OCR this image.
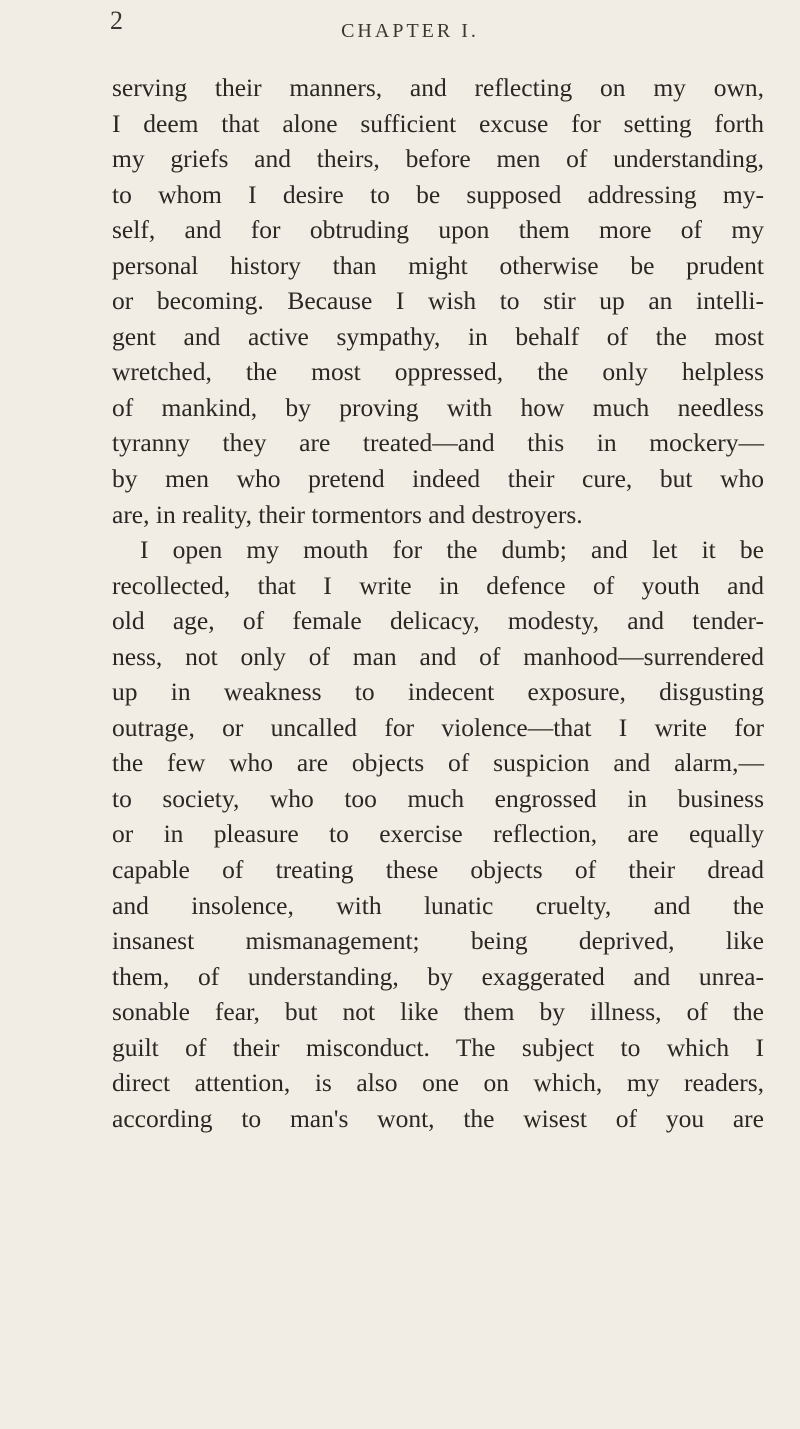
2	CHAPTER I.
serving their manners, and reflecting on my own,
I deem that alone sufficient excuse for setting forth
my griefs and theirs, before men of understanding,
to whom I desire to be supposed addressing my-
self, and for obtruding upon them more of my
personal history than might otherwise be prudent
or becoming. Because I wish to stir up an intelli-
gent and active sympathy, in behalf of the most
wretched, the most oppressed, the only helpless
of mankind, by proving with how much needless
tyranny they are treated—and this in mockery—
by men who pretend indeed their cure, but who
are, in reality, their tormentors and destroyers.
I open my mouth for the dumb; and let it be
recollected, that I write in defence of youth and
old age, of female delicacy, modesty, and tender-
ness, not only of man and of manhood—surrendered
up in weakness to indecent exposure, disgusting
outrage, or uncalled for violence—that I write for
the few who are objects of suspicion and alarm,—
to society, who too much engrossed in business
or in pleasure to exercise reflection, are equally
capable of treating these objects of their dread
and insolence, with lunatic cruelty, and the
insanest mismanagement; being deprived, like
them, of understanding, by exaggerated and unrea-
sonable fear, but not like them by illness, of the
guilt of their misconduct. The subject to which I
direct attention, is also one on which, my readers,
according to man's wont, the wisest of you are
